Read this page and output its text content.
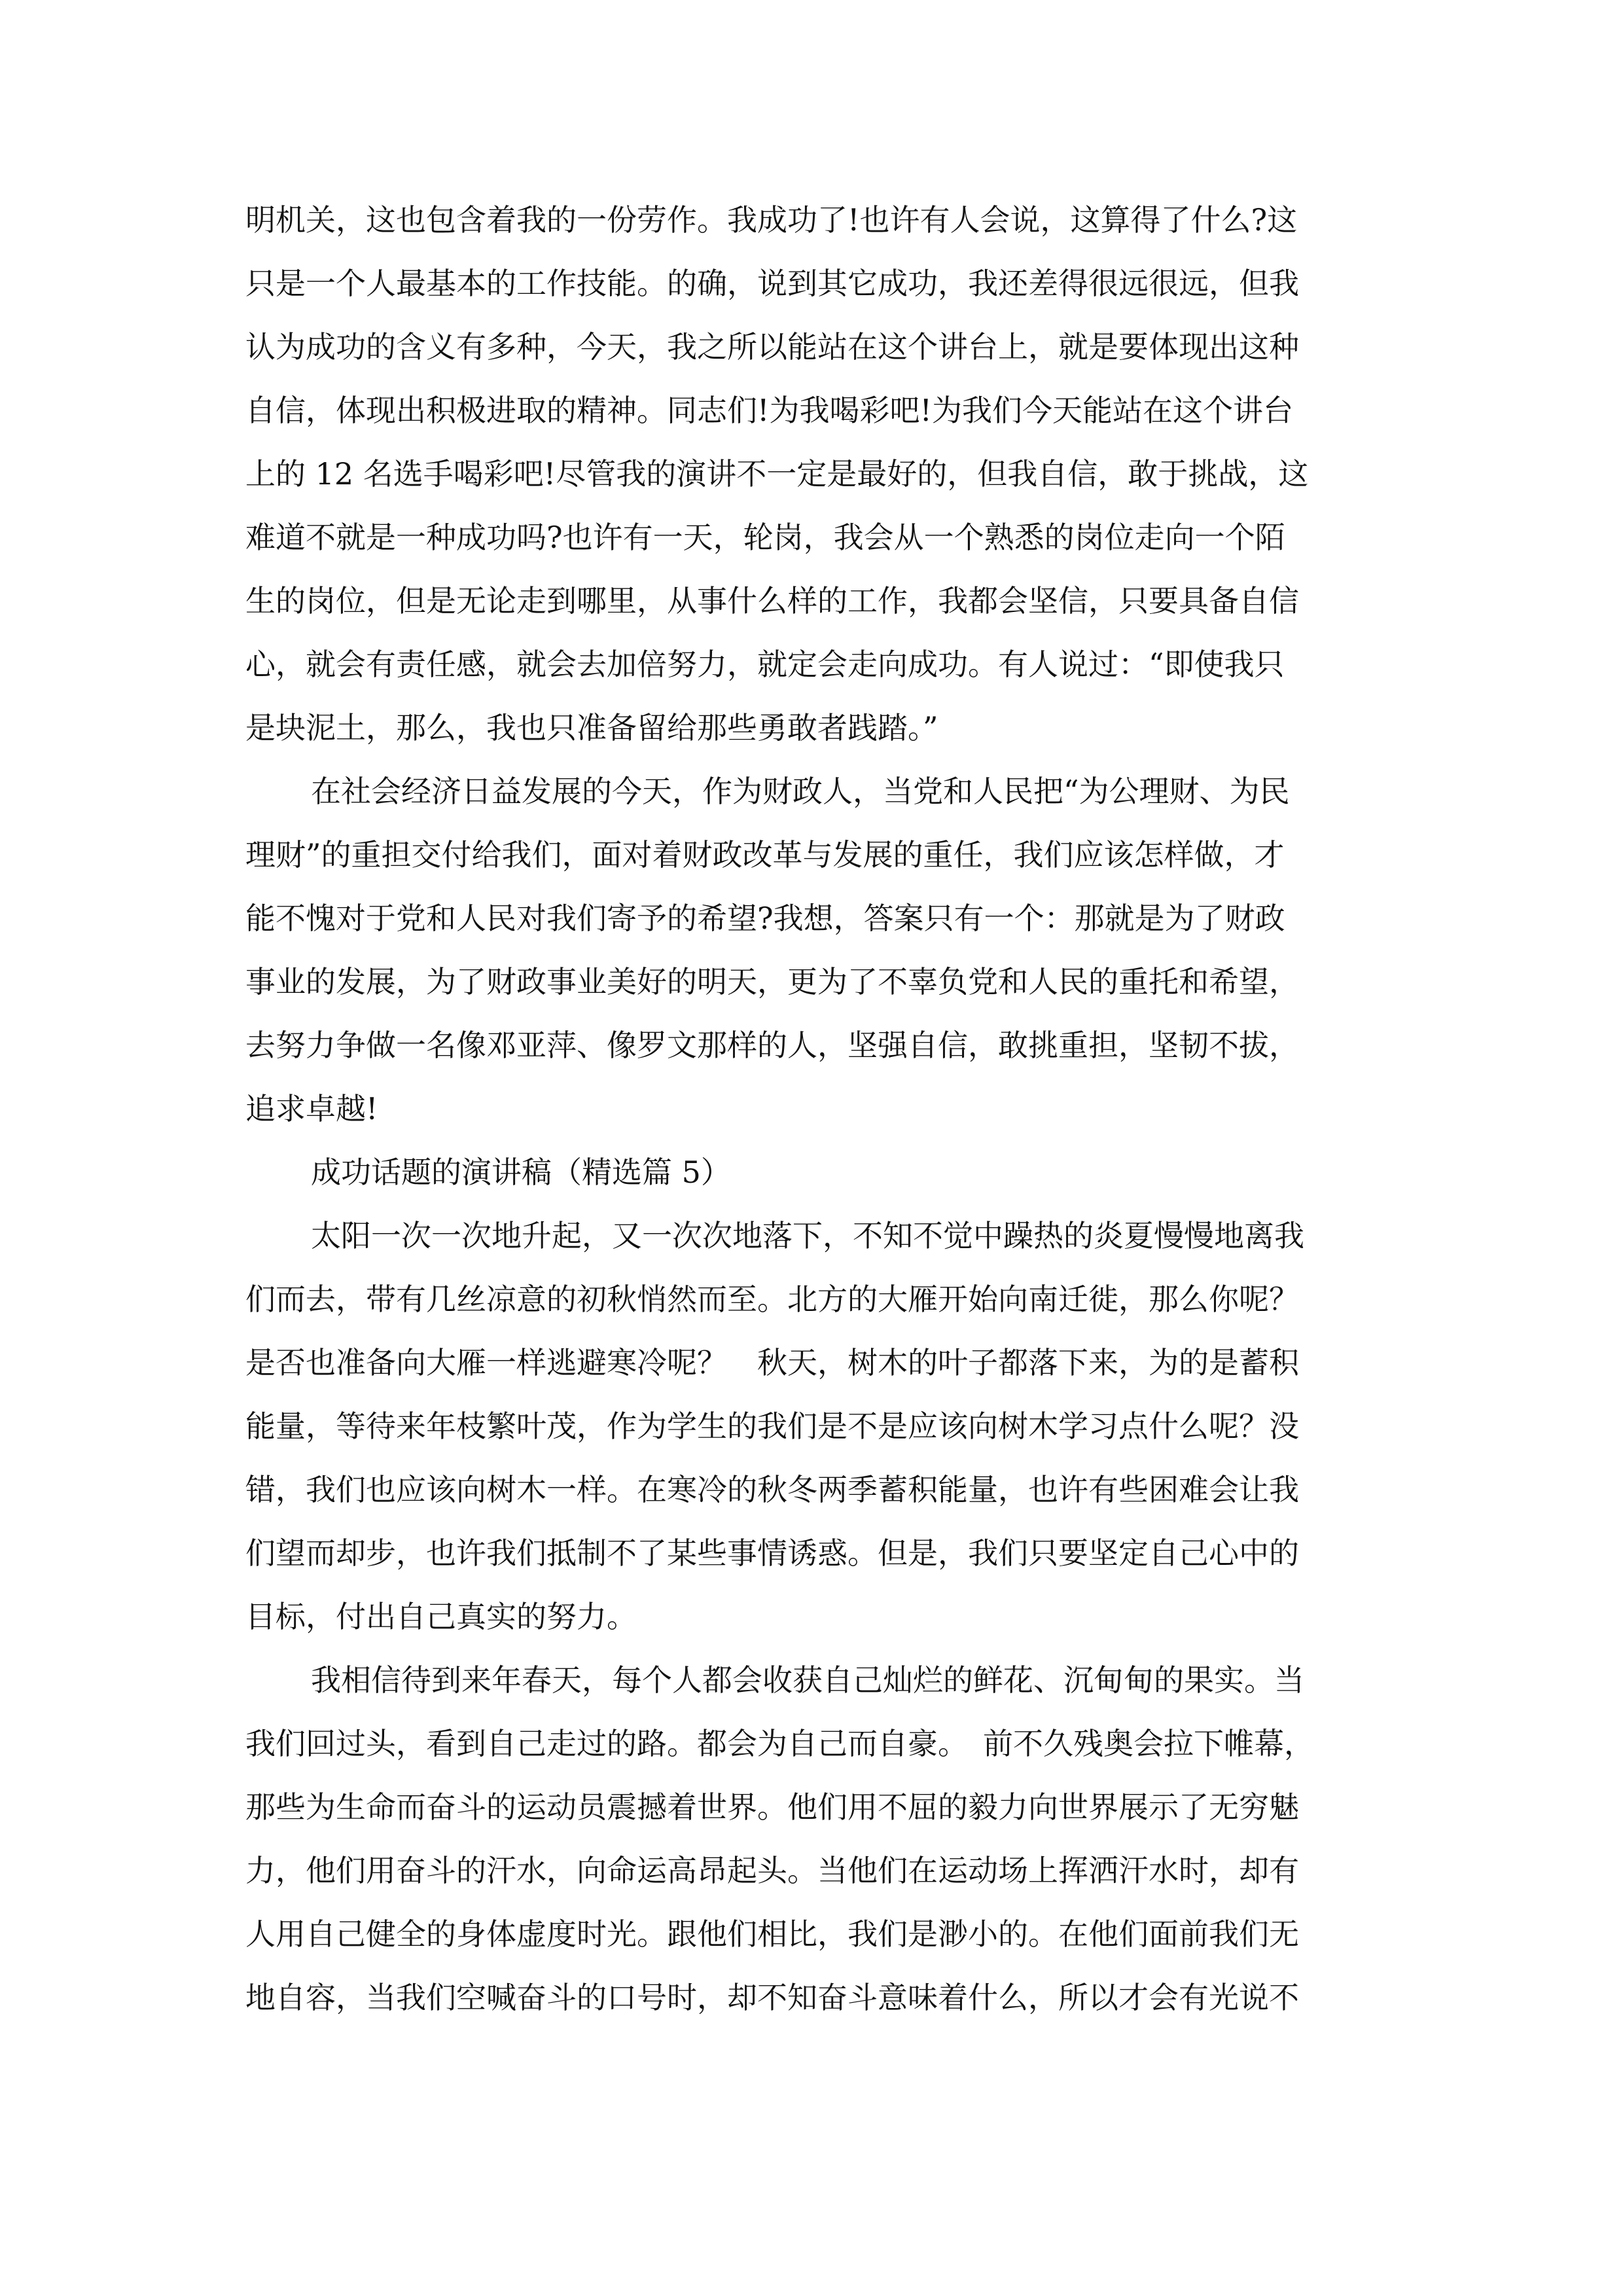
明机关，这也包含着我的一份劳作。我成功了!也许有人会说，这算得了什么?这
只是一个人最基本的工作技能。的确，说到其它成功，我还差得很远很远，但我
认为成功的含义有多种，今天，我之所以能站在这个讲台上，就是要体现出这种
自信，体现出积极进取的精神。同志们!为我喝彩吧!为我们今天能站在这个讲台
上的 12 名选手喝彩吧!尽管我的演讲不一定是最好的，但我自信，敢于挑战，这
难道不就是一种成功吗?也许有一天，轮岗，我会从一个熟悉的岗位走向一个陌
生的岗位，但是无论走到哪里，从事什么样的工作，我都会坚信，只要具备自信
心，就会有责任感，就会去加倍努力，就定会走向成功。有人说过：“即使我只
是块泥土，那么，我也只准备留给那些勇敢者践踏。”
在社会经济日益发展的今天，作为财政人，当党和人民把“为公理财、为民
理财”的重担交付给我们，面对着财政改革与发展的重任，我们应该怎样做，才
能不愧对于党和人民对我们寄予的希望?我想，答案只有一个：那就是为了财政
事业的发展，为了财政事业美好的明天，更为了不辜负党和人民的重托和希望，
去努力争做一名像邓亚萍、像罗文那样的人，坚强自信，敢挑重担，坚韧不拔，
追求卓越!
成功话题的演讲稿（精选篇 5）
太阳一次一次地升起，又一次次地落下，不知不觉中躁热的炎夏慢慢地离我
们而去，带有几丝凉意的初秋悄然而至。北方的大雁开始向南迁徙，那么你呢？
是否也准备向大雁一样逃避寒冷呢？　秋天，树木的叶子都落下来，为的是蓄积
能量，等待来年枝繁叶茂，作为学生的我们是不是应该向树木学习点什么呢？没
错，我们也应该向树木一样。在寒冷的秋冬两季蓄积能量，也许有些困难会让我
们望而却步，也许我们抵制不了某些事情诱惑。但是，我们只要坚定自己心中的
目标，付出自己真实的努力。
我相信待到来年春天，每个人都会收获自己灿烂的鲜花、沉甸甸的果实。当
我们回过头，看到自己走过的路。都会为自己而自豪。　前不久残奥会拉下帷幕，
那些为生命而奋斗的运动员震撼着世界。他们用不屈的毅力向世界展示了无穷魅
力，他们用奋斗的汗水，向命运高昂起头。当他们在运动场上挥洒汗水时，却有
人用自己健全的身体虚度时光。跟他们相比，我们是渺小的。在他们面前我们无
地自容，当我们空喊奋斗的口号时，却不知奋斗意味着什么，所以才会有光说不
